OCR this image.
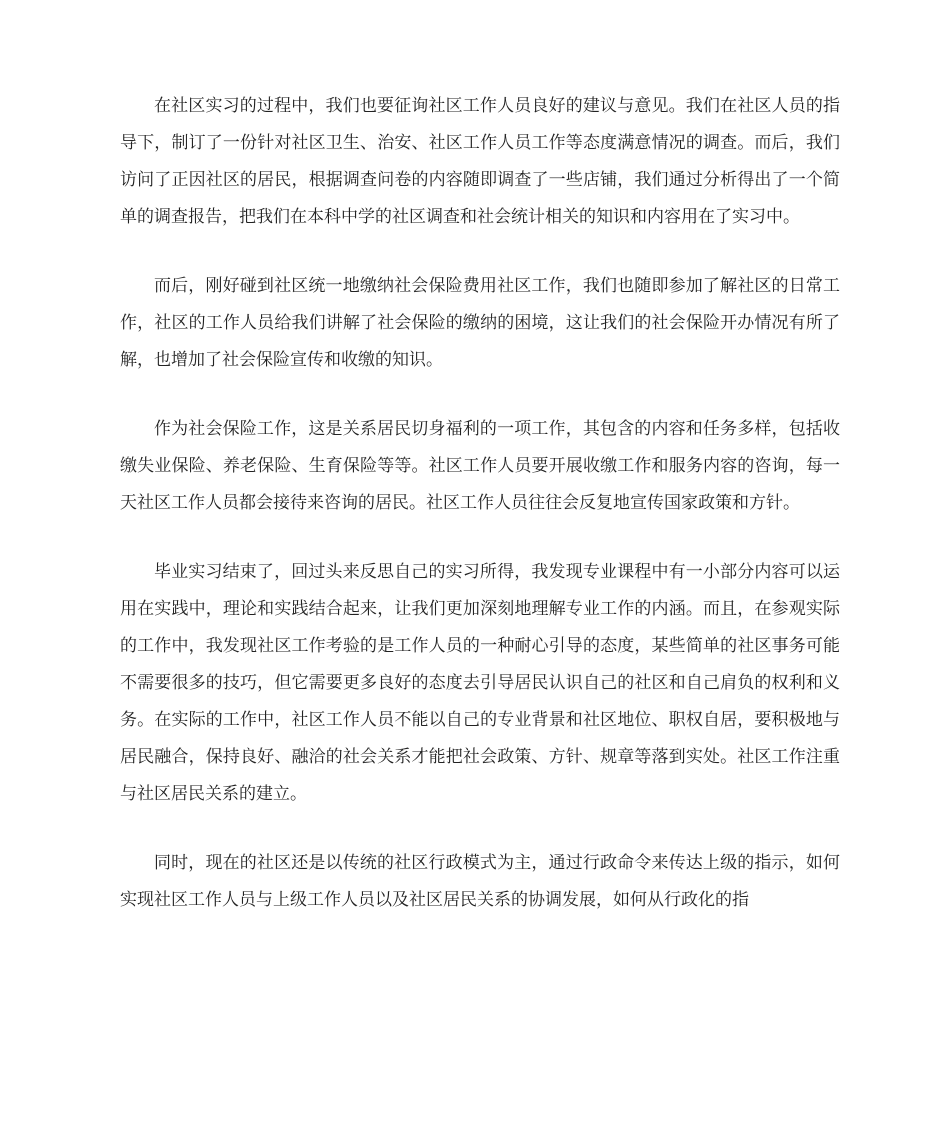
在社区实习的过程中，我们也要征询社区工作人员良好的建议与意见。我们在社区人员的指导下，制订了一份针对社区卫生、治安、社区工作人员工作等态度满意情况的调查。而后，我们访问了正因社区的居民，根据调查问卷的内容随即调查了一些店铺，我们通过分析得出了一个简单的调查报告，把我们在本科中学的社区调查和社会统计相关的知识和内容用在了实习中。

而后，刚好碰到社区统一地缴纳社会保险费用社区工作，我们也随即参加了解社区的日常工作，社区的工作人员给我们讲解了社会保险的缴纳的困境，这让我们的社会保险开办情况有所了解，也增加了社会保险宣传和收缴的知识。

作为社会保险工作，这是关系居民切身福利的一项工作，其包含的内容和任务多样，包括收缴失业保险、养老保险、生育保险等等。社区工作人员要开展收缴工作和服务内容的咨询，每一天社区工作人员都会接待来咨询的居民。社区工作人员往往会反复地宣传国家政策和方针。

毕业实习结束了，回过头来反思自己的实习所得，我发现专业课程中有一小部分内容可以运用在实践中，理论和实践结合起来，让我们更加深刻地理解专业工作的内涵。而且，在参观实际的工作中，我发现社区工作考验的是工作人员的一种耐心引导的态度，某些简单的社区事务可能不需要很多的技巧，但它需要更多良好的态度去引导居民认识自己的社区和自己肩负的权利和义务。在实际的工作中，社区工作人员不能以自己的专业背景和社区地位、职权自居，要积极地与居民融合，保持良好、融洽的社会关系才能把社会政策、方针、规章等落到实处。社区工作注重与社区居民关系的建立。

同时，现在的社区还是以传统的社区行政模式为主，通过行政命令来传达上级的指示，如何实现社区工作人员与上级工作人员以及社区居民关系的协调发展，如何从行政化的指
